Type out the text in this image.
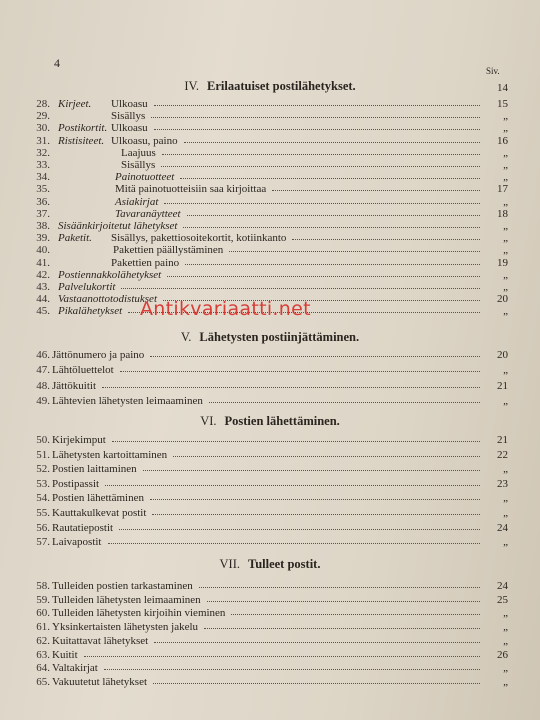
4
Siv.
IV. Erilaatuiset postilähetykset.	14
28. Kirjeet. Ulkoasu	15
29.	Sisällys	„
30. Postikortit. Ulkoasu	„
31. Ristisiteet. Ulkoasu, paino	16
32.	Laajuus	„
33.	Sisällys	„
34.	Painotuotteet	„
35.	Mitä painotuotteisiin saa kirjoittaa	17
36.	Asiakirjat	„
37.	Tavaranäytteet	18
38. Sisäänkirjoitetut lähetykset	„
39. Paketit. Sisällys, pakettiosoitekortit, kotiinkanto	„
40.	Pakettien päällystäminen	„
41.	Pakettien paino	19
42. Postiennakkolähetykset	„
43. Palvelukortit	„
44. Vastaanottotodistukset	20
45. Pikalähetykset	„
V. Lähetysten postiinjättäminen.
46. Jättönumero ja paino	20
47. Lähtöluettelot	„
48. Jättökuitit	21
49. Lähtevien lähetysten leimaaminen	„
VI. Postien lähettäminen.
50. Kirjekimput	21
51. Lähetysten kartoittaminen	22
52. Postien laittaminen	„
53. Postipassit	23
54. Postien lähettäminen	„
55. Kauttakulkevat postit	„
56. Rautatiepostit	24
57. Laivapostit	„
VII. Tulleet postit.
58. Tulleiden postien tarkastaminen	24
59. Tulleiden lähetysten leimaaminen	25
60. Tulleiden lähetysten kirjoihin vieminen	„
61. Yksinkertaisten lähetysten jakelu	„
62. Kuitattavat lähetykset	„
63. Kuitit	26
64. Valtakirjat	„
65. Vakuutetut lähetykset	„
Antikvariaatti.net
